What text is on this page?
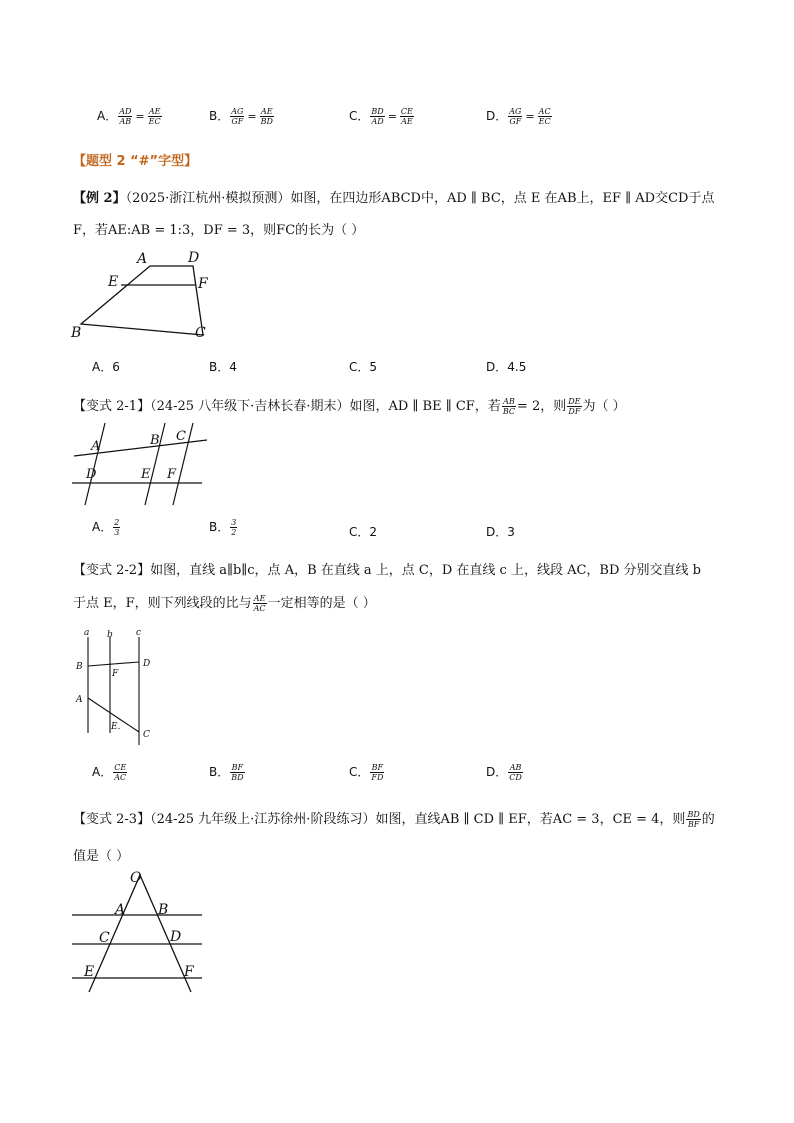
A． $\frac{AD}{AB} = \frac{AE}{EC}$	B． $\frac{AG}{GF} = \frac{AE}{BD}$	C． $\frac{BD}{AD} = \frac{CE}{AE}$	D． $\frac{AG}{GF} = \frac{AC}{EC}$
【题型 2 “#”字型】
【例 2】（2025·浙江杭州·模拟预测）如图，在四边形ABCD中，AD ∥ BC，点 E 在AB上，EF ∥ AD交CD于点
F，若AE:AB = 1:3，DF = 3，则FC的长为（ ）
A	D
E	F
B	C
A．6	B．4	C．5	D．4.5
【变式 2-1】（24-25 八年级下·吉林长春·期末）如图，AD ∥ BE ∥ CF，若 $\frac{AB}{BC} = 2$，则 $\frac{DE}{DF}$ 为（ ）
A	B C
D	E F
A． $\frac{2}{3}$	B． $\frac{3}{2}$	C．2	D．3
【变式 2-2】如图，直线 a∥b∥c，点 A，B 在直线 a 上，点 C，D 在直线 c 上，线段 AC，BD 分别交直线 b
于点 E，F，则下列线段的比与 $\frac{AE}{AC}$ 一定相等的是（ ）
a b	c
B	D
F
A
E.
C
A． $\frac{CE}{AC}$	B． $\frac{BF}{BD}$	C． $\frac{BF}{FD}$	D． $\frac{AB}{CD}$
【变式 2-3】（24-25 九年级上·江苏徐州·阶段练习）如图，直线AB ∥ CD ∥ EF，若AC = 3，CE = 4，则 $\frac{BD}{BF}$ 的
值是（ ）
O
A B
C	D
E	F
